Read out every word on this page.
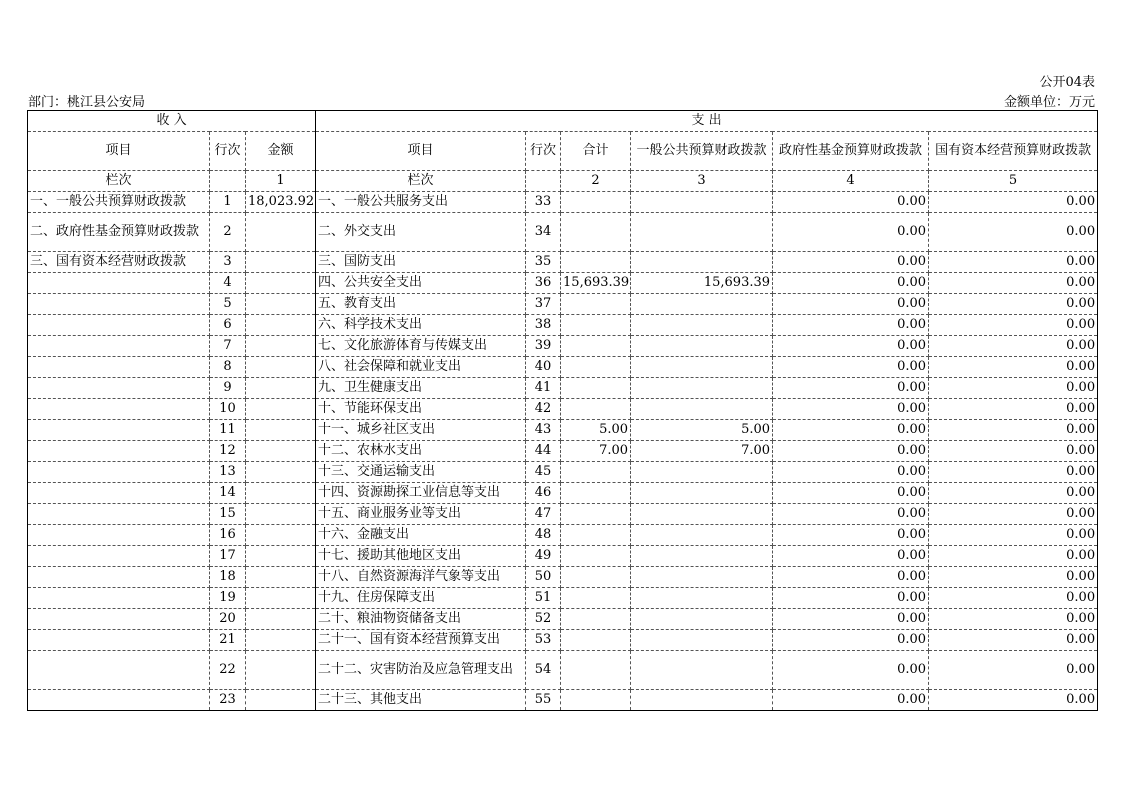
公开04表
部门：桃江县公安局	金额单位：万元
收 入			支 出					
项目	行次	金额	项目	行次	合计	一般公共预算财政拨款	政府性基金预算财政拨款	国有资本经营预算财政拨款
栏次		1	栏次		2	3	4	5
一、一般公共预算财政拨款	1	18,023.92	一、一般公共服务支出	33			0.00	0.00
二、政府性基金预算财政拨款	2		二、外交支出	34			0.00	0.00
三、国有资本经营财政拨款	3		三、国防支出	35			0.00	0.00
	4		四、公共安全支出	36	15,693.39	15,693.39	0.00	0.00
	5		五、教育支出	37			0.00	0.00
	6		六、科学技术支出	38			0.00	0.00
	7		七、文化旅游体育与传媒支出	39			0.00	0.00
	8		八、社会保障和就业支出	40			0.00	0.00
	9		九、卫生健康支出	41			0.00	0.00
	10		十、节能环保支出	42			0.00	0.00
	11		十一、城乡社区支出	43	5.00	5.00	0.00	0.00
	12		十二、农林水支出	44	7.00	7.00	0.00	0.00
	13		十三、交通运输支出	45			0.00	0.00
	14		十四、资源勘探工业信息等支出	46			0.00	0.00
	15		十五、商业服务业等支出	47			0.00	0.00
	16		十六、金融支出	48			0.00	0.00
	17		十七、援助其他地区支出	49			0.00	0.00
	18		十八、自然资源海洋气象等支出	50			0.00	0.00
	19		十九、住房保障支出	51			0.00	0.00
	20		二十、粮油物资储备支出	52			0.00	0.00
	21		二十一、国有资本经营预算支出	53			0.00	0.00
	22		二十二、灾害防治及应急管理支出	54			0.00	0.00
	23		二十三、其他支出	55			0.00	0.00
